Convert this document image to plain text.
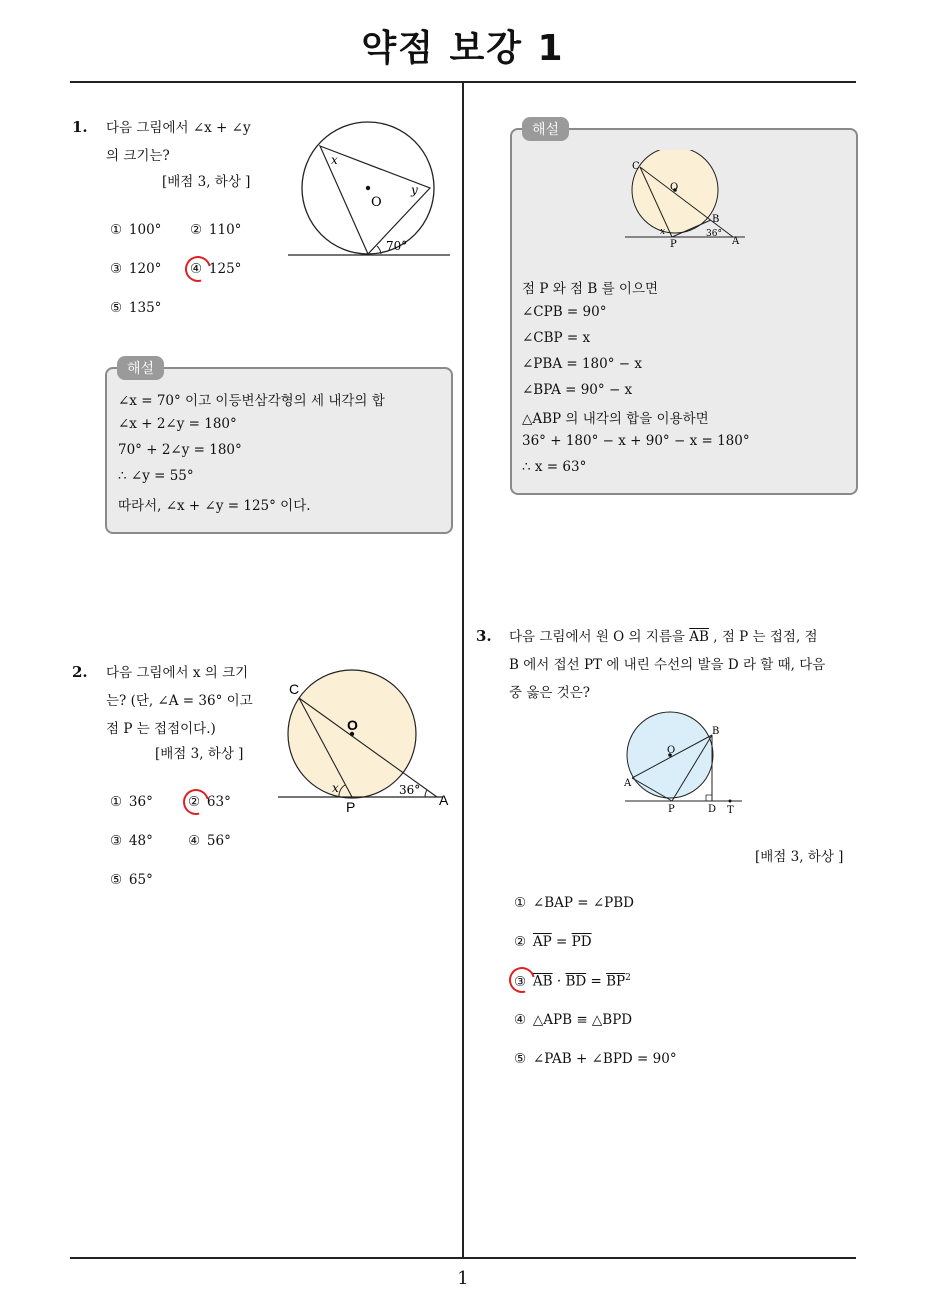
약점 보강 1
1. 다음 그림에서 ∠x + ∠y
의 크기는?
[배점 3, 하상 ]
① 100° ② 110°
③ 120° ④ 125°
⑤ 135°
O
x
y
70°
해설
∠x = 70° 이고 이등변삼각형의 세 내각의 합
∠x + 2∠y = 180°
70° + 2∠y = 180°
∴ ∠y = 55°
따라서, ∠x + ∠y = 125° 이다.
2. 다음 그림에서 x 의 크기
는? (단, ∠A = 36° 이고
점 P 는 접점이다.)
[배점 3, 하상 ]
① 36°	② 63°
③ 48°	④ 56°
⑤ 65°
C
O
P	A
x	36°
해설
C
O
B
P	A
x	36°
점 P 와 점 B 를 이으면
∠CPB = 90°
∠CBP = x
∠PBA = 180° − x
∠BPA = 90° − x
△ABP 의 내각의 합을 이용하면
36° + 180° − x + 90° − x = 180°
∴ x = 63°
3. 다음 그림에서 원 O 의 지름을 $\overline{AB}$ , 점 P 는 접점, 점
B 에서 접선 PT 에 내린 수선의 발을 D 라 할 때, 다음
중 옳은 것은?
O
A
B
P	D T
[배점 3, 하상 ]
① ∠BAP = ∠PBD
② $\overline{AP} = \overline{PD}$
③ $\overline{AB} \cdot \overline{BD} = \overline{BP}^2$
④ △APB ≡ △BPD
⑤ ∠PAB + ∠BPD = 90°
1
